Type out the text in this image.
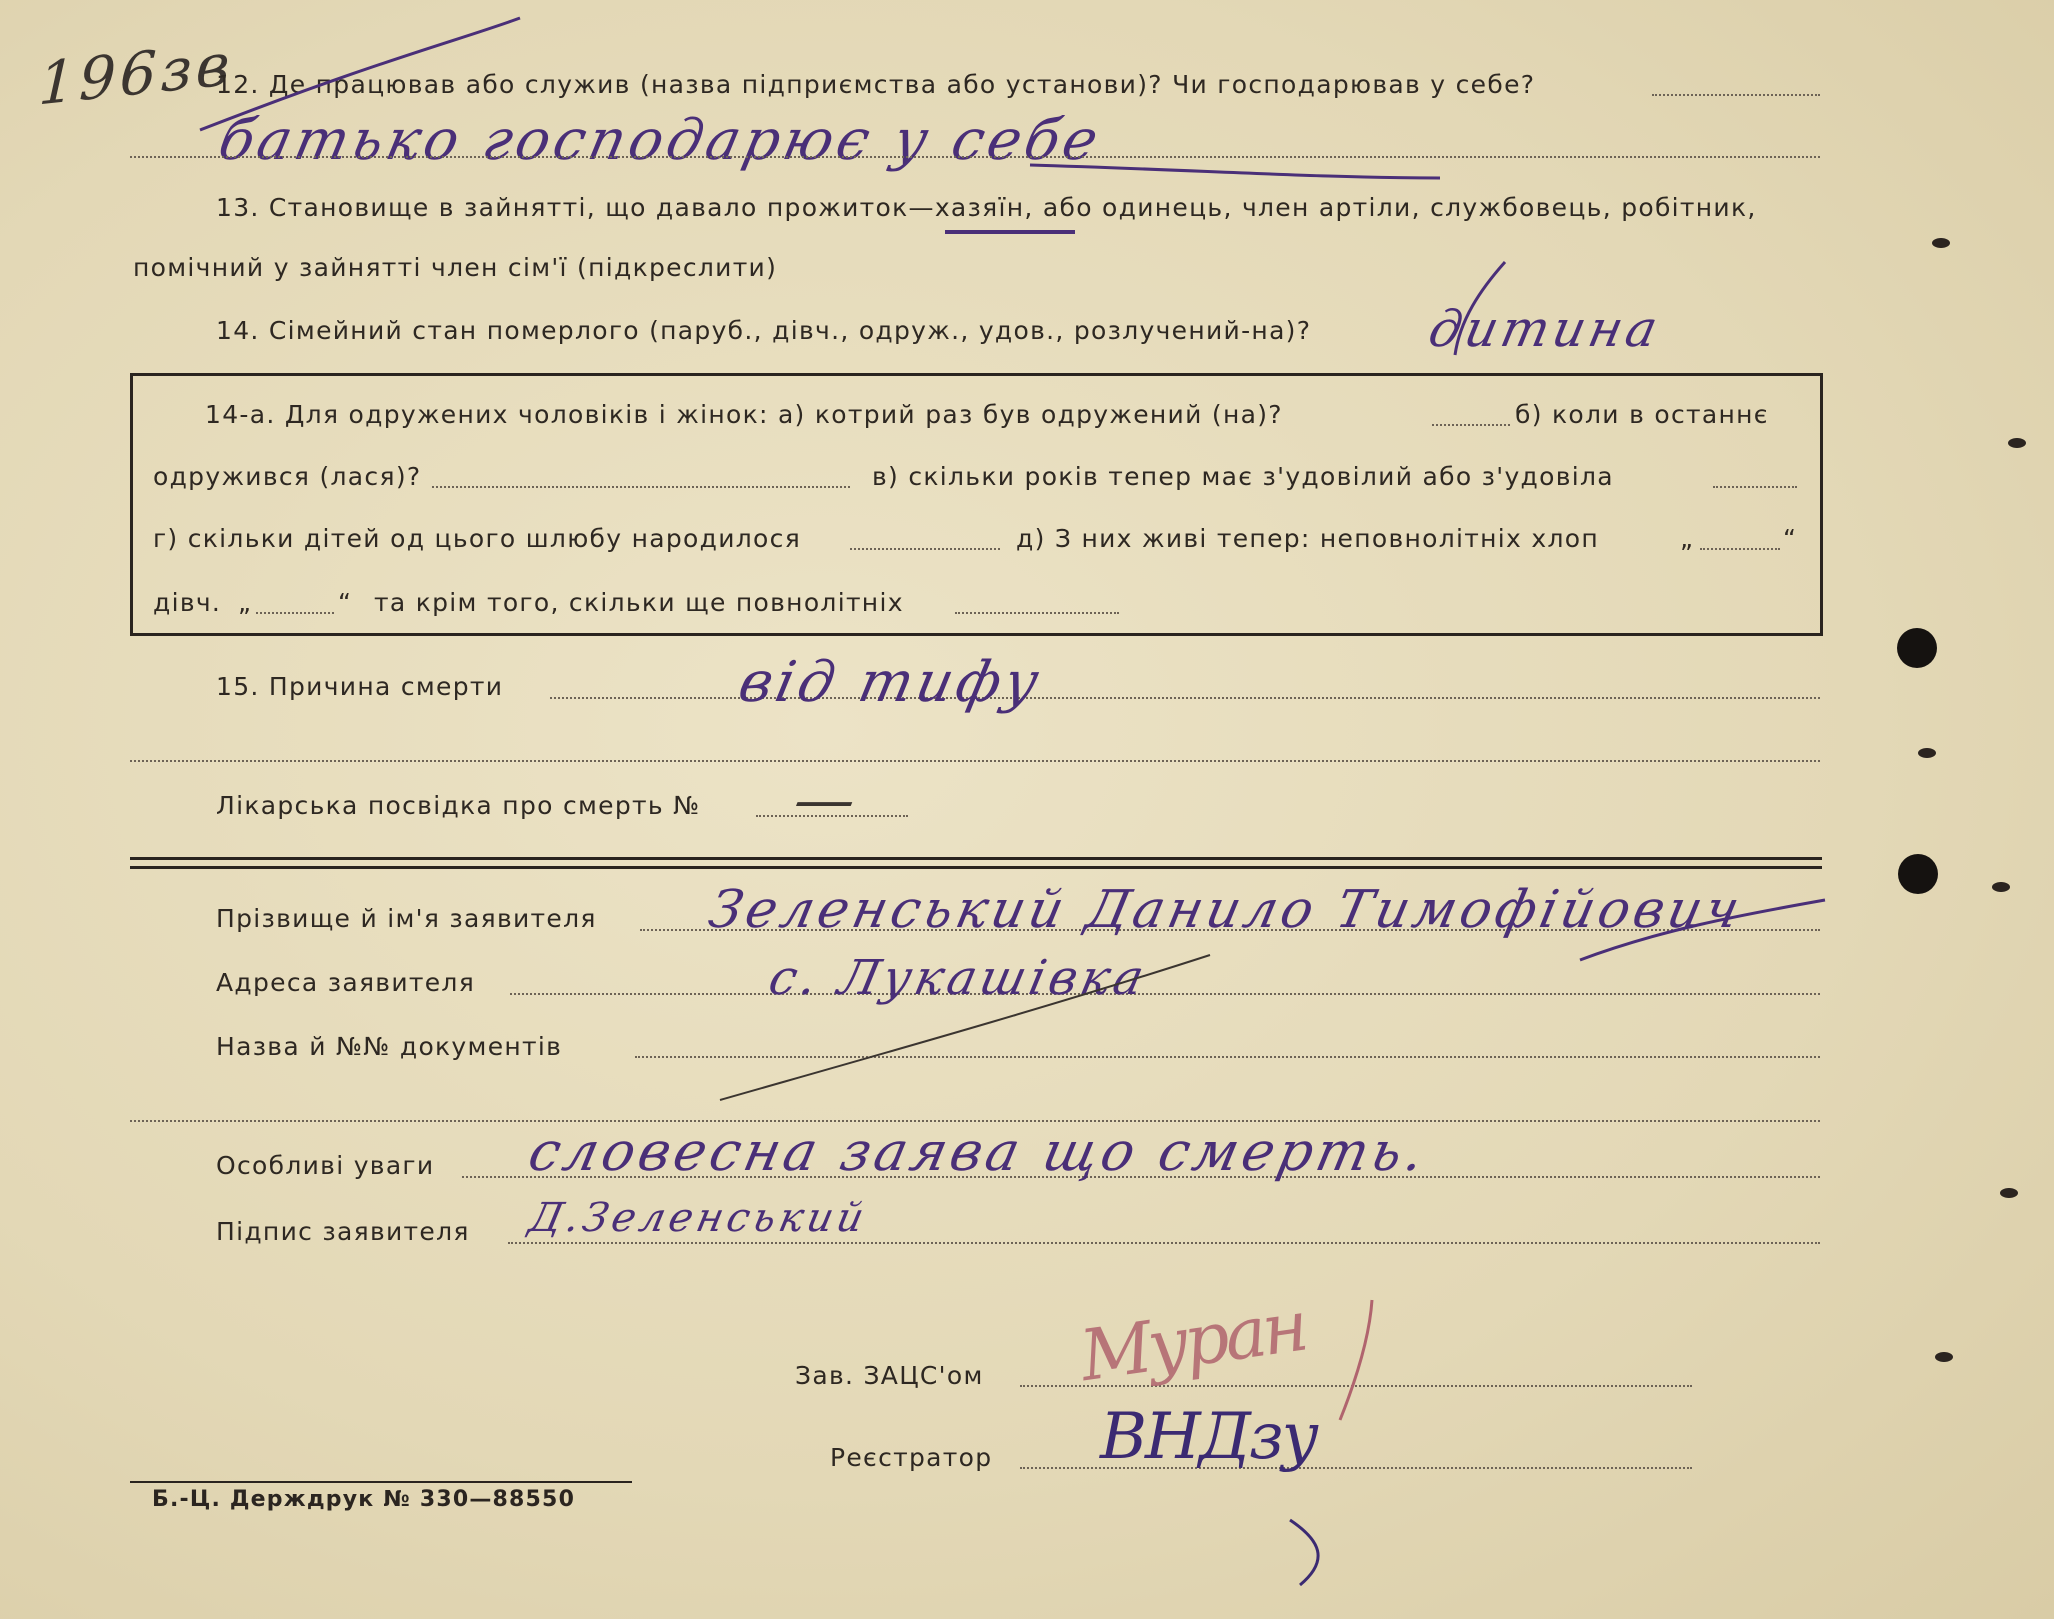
196зв
12. Де працював або служив (назва підприємства або установи)? Чи господарював у себе?
батько господарює у себе
13. Становище в зайнятті, що давало прожиток—хазяїн, або одинець, член артіли, службовець, робітник,
помічний у зайнятті член сім'ї (підкреслити)
14. Сімейний стан померлого (паруб., дівч., одруж., удов., розлучений-на)? дитина
14-а. Для одружених чоловіків і жінок: а) котрий раз був одружений (на)?	б) коли в останнє
одружився (лася)?	в) скільки років тепер має з'удовілий або з'удовіла
г) скільки дітей од цього шлюбу народилося	д) З них живі тепер: неповнолітніх хлоп	„	“
дівч. „	“ та крім того, скільки ще повнолітніх
15. Причина смерти	від тифу
Лікарська посвідка про смерть № —
Прізвище й ім'я заявителя Зеленський Данило Тимофійович
Адреса заявителя	с. Лукашівка
Назва й №№ документів
Особливі уваги словесна заява що смерть.
Підпис заявителя Д.Зеленський
Зав. ЗАЦС'ом Муран
Реєстратор ВНДзу
Б.-Ц. Держдрук № 330—88550
